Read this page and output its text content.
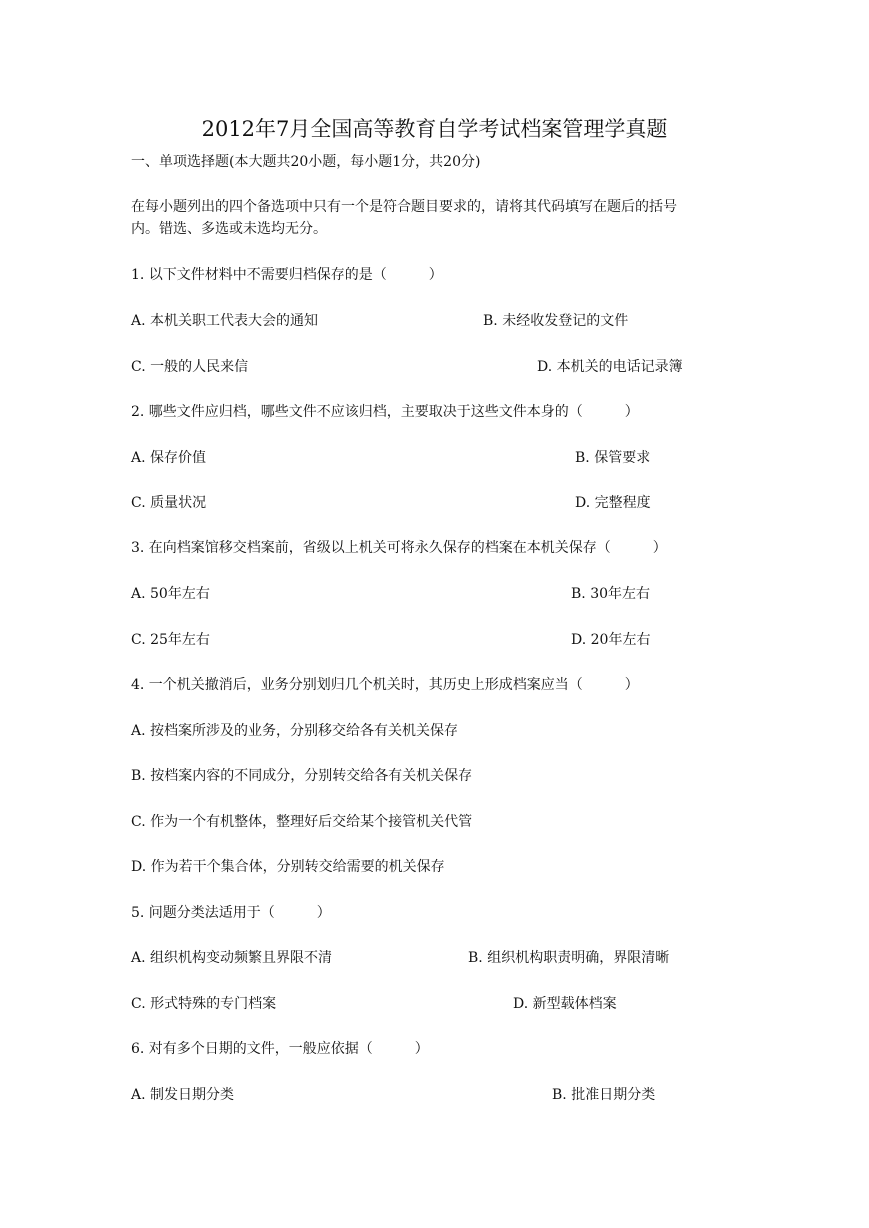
2012年7月全国高等教育自学考试档案管理学真题
一、单项选择题(本大题共20小题，每小题1分，共20分)
在每小题列出的四个备选项中只有一个是符合题目要求的，请将其代码填写在题后的括号
内。错选、多选或未选均无分。
1. 以下文件材料中不需要归档保存的是（　　　）
A. 本机关职工代表大会的通知	B. 未经收发登记的文件
C. 一般的人民来信	D. 本机关的电话记录簿
2. 哪些文件应归档，哪些文件不应该归档，主要取决于这些文件本身的（　　　）
A. 保存价值	B. 保管要求
C. 质量状况	D. 完整程度
3. 在向档案馆移交档案前，省级以上机关可将永久保存的档案在本机关保存（　　　）
A. 50年左右	B. 30年左右
C. 25年左右	D. 20年左右
4. 一个机关撤消后，业务分别划归几个机关时，其历史上形成档案应当（　　　）
A. 按档案所涉及的业务，分别移交给各有关机关保存
B. 按档案内容的不同成分，分别转交给各有关机关保存
C. 作为一个有机整体，整理好后交给某个接管机关代管
D. 作为若干个集合体，分别转交给需要的机关保存
5. 问题分类法适用于（　　　）
A. 组织机构变动频繁且界限不清	B. 组织机构职责明确，界限清晰
C. 形式特殊的专门档案	D. 新型载体档案
6. 对有多个日期的文件，一般应依据（　　　）
A. 制发日期分类	B. 批准日期分类
